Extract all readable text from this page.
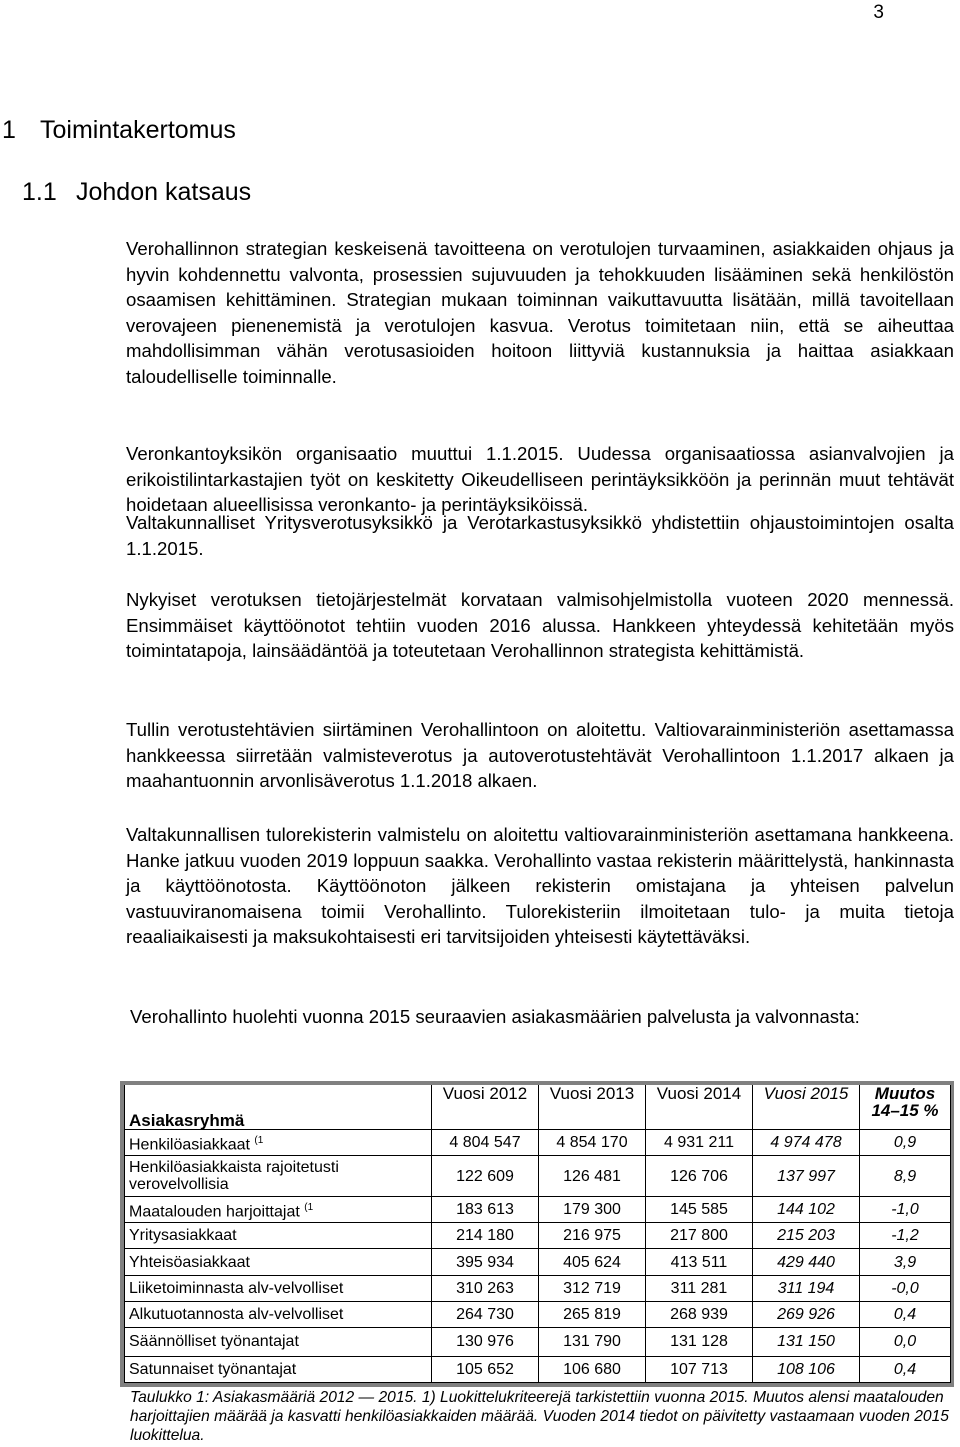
3
1 Toimintakertomus
1.1 Johdon katsaus

Verohallinnon strategian keskeisenä tavoitteena on verotulojen turvaaminen, asiakkaiden ohjaus ja hyvin kohdennettu valvonta, prosessien sujuvuuden ja tehokkuuden lisääminen sekä henkilöstön osaamisen kehittäminen. Strategian mukaan toiminnan vaikuttavuutta lisätään, millä tavoitellaan verovajeen pienenemistä ja verotulojen kasvua. Verotus toimitetaan niin, että se aiheuttaa mahdollisimman vähän verotusasioiden hoitoon liittyviä kustannuksia ja haittaa asiakkaan taloudelliselle toiminnalle.

Veronkantoyksikön organisaatio muuttui 1.1.2015. Uudessa organisaatiossa asianvalvojien ja erikoistilintarkastajien työt on keskitetty Oikeudelliseen perintäyksikköön ja perinnän muut tehtävät hoidetaan alueellisissa veronkanto- ja perintäyksiköissä.

Valtakunnalliset Yritysverotusyksikkö ja Verotarkastusyksikkö yhdistettiin ohjaustoimintojen osalta 1.1.2015.

Nykyiset verotuksen tietojärjestelmät korvataan valmisohjelmistolla vuoteen 2020 mennessä. Ensimmäiset käyttöönotot tehtiin vuoden 2016 alussa. Hankkeen yhteydessä kehitetään myös toimintatapoja, lainsäädäntöä ja toteutetaan Verohallinnon strategista kehittämistä.

Tullin verotustehtävien siirtäminen Verohallintoon on aloitettu. Valtiovarainministeriön asettamassa hankkeessa siirretään valmisteverotus ja autoverotustehtävät Verohallintoon 1.1.2017 alkaen ja maahantuonnin arvonlisäverotus 1.1.2018 alkaen.

Valtakunnallisen tulorekisterin valmistelu on aloitettu valtiovarainministeriön asettamana hankkeena. Hanke jatkuu vuoden 2019 loppuun saakka. Verohallinto vastaa rekisterin määrittelystä, hankinnasta ja käyttöönotosta. Käyttöönoton jälkeen rekisterin omistajana ja yhteisen palvelun vastuuviranomaisena toimii Verohallinto. Tulorekisteriin ilmoitetaan tulo- ja muita tietoja reaaliaikaisesti ja maksukohtaisesti eri tarvitsijoiden yhteisesti käytettäväksi.

Verohallinto huolehti vuonna 2015 seuraavien asiakasmäärien palvelusta ja valvonnasta:

Asiakasryhmä	Vuosi 2012	Vuosi 2013	Vuosi 2014	Vuosi 2015	Muutos 14–15 %
Henkilöasiakkaat $^{(1}$	4 804 547	4 854 170	4 931 211	4 974 478	0,9
Henkilöasiakkaista rajoitetusti verovelvollisia	122 609	126 481	126 706	137 997	8,9
Maatalouden harjoittajat $^{(1}$	183 613	179 300	145 585	144 102	-1,0
Yritysasiakkaat	214 180	216 975	217 800	215 203	-1,2
Yhteisöasiakkaat	395 934	405 624	413 511	429 440	3,9
Liiketoiminnasta alv-velvolliset	310 263	312 719	311 281	311 194	-0,0
Alkutuotannosta alv-velvolliset	264 730	265 819	268 939	269 926	0,4
Säännölliset työnantajat	130 976	131 790	131 128	131 150	0,0
Satunnaiset työnantajat	105 652	106 680	107 713	108 106	0,4
Taulukko 1: Asiakasmääriä 2012 — 2015. 1) Luokittelukriteerejä tarkistettiin vuonna 2015. Muutos alensi maatalouden harjoittajien määrää ja kasvatti henkilöasiakkaiden määrää. Vuoden 2014 tiedot on päivitetty vastaamaan vuoden 2015 luokittelua.
